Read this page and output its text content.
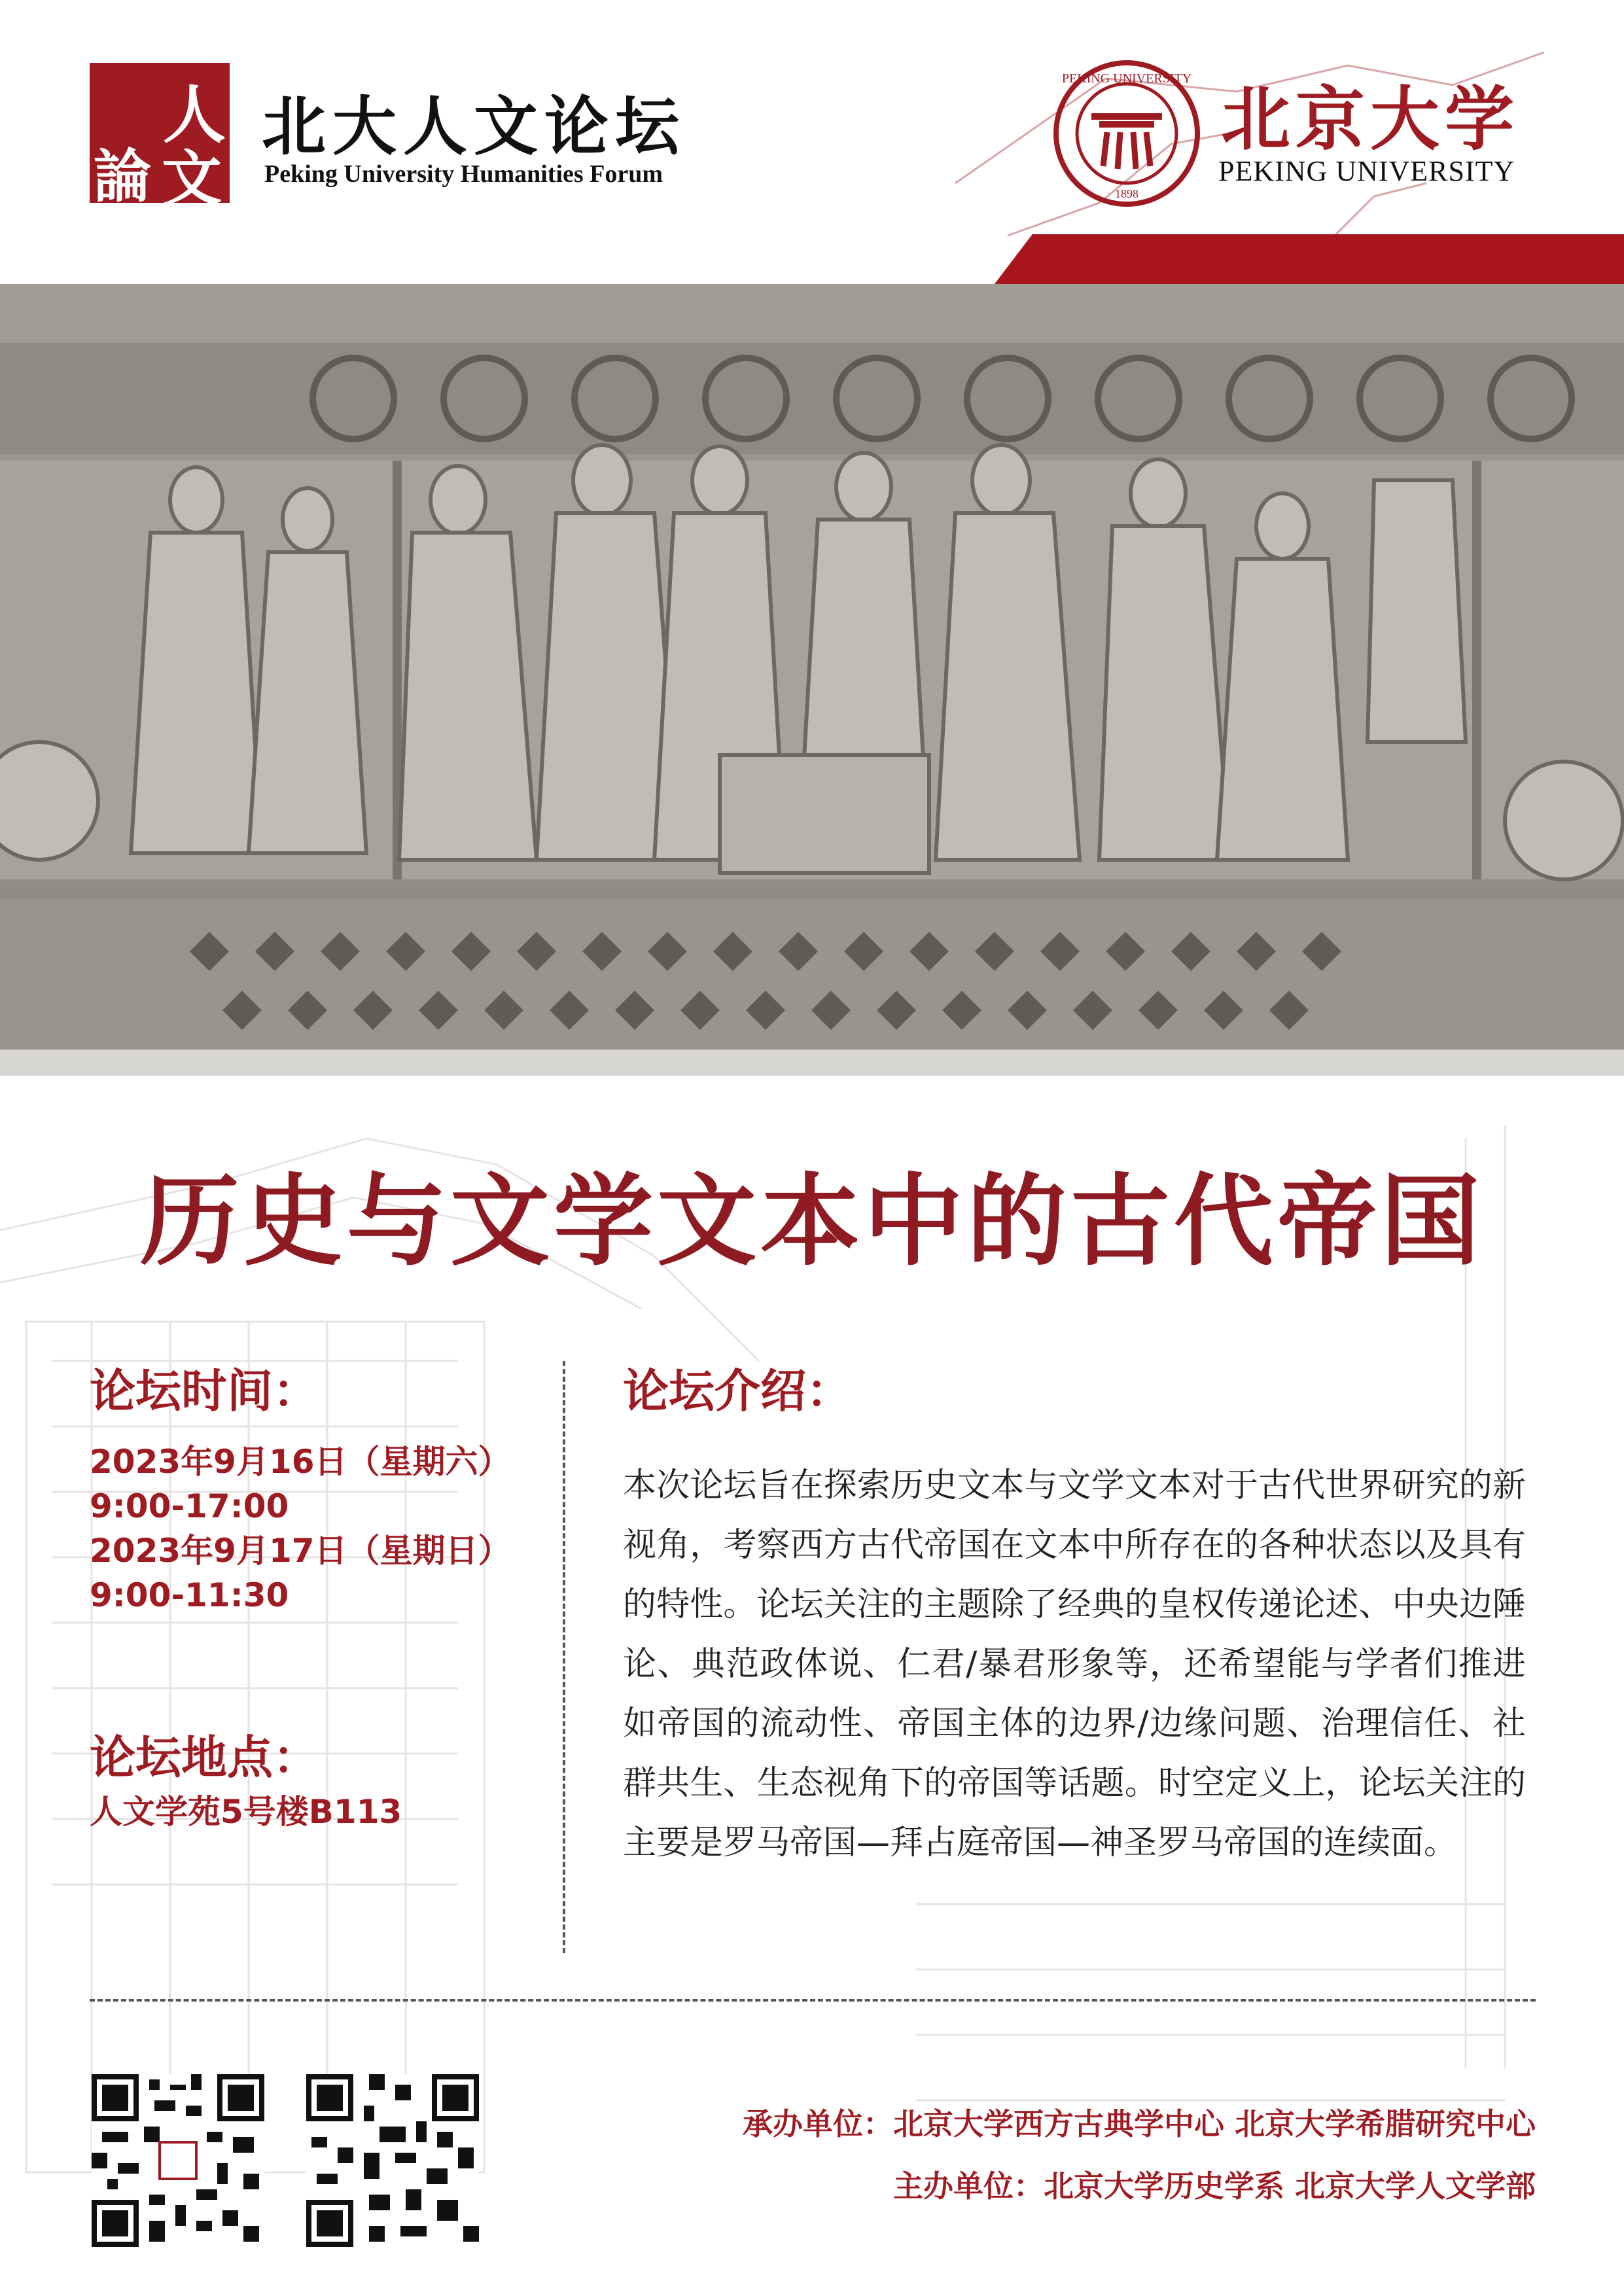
論
人
文
北大人文论坛
Peking University Humanities Forum
PEKING UNIVERSITY
1898
北京大学
PEKING UNIVERSITY
历史与文学文本中的古代帝国
论坛时间：
2023年9月16日（星期六）
9:00-17:00
2023年9月17日（星期日）
9:00-11:30
论坛地点：
人文学苑5号楼B113
论坛介绍：
本次论坛旨在探索历史文本与文学文本对于古代世界研究的新视角，考察西方古代帝国在文本中所存在的各种状态以及具有的特性。论坛关注的主题除了经典的皇权传递论述、中央边陲论、典范政体说、仁君/暴君形象等，还希望能与学者们推进如帝国的流动性、帝国主体的边界/边缘问题、治理信任、社群共生、生态视角下的帝国等话题。时空定义上，论坛关注的主要是罗马帝国—拜占庭帝国—神圣罗马帝国的连续面。
承办单位：北京大学西方古典学中心 北京大学希腊研究中心
主办单位：北京大学历史学系 北京大学人文学部
